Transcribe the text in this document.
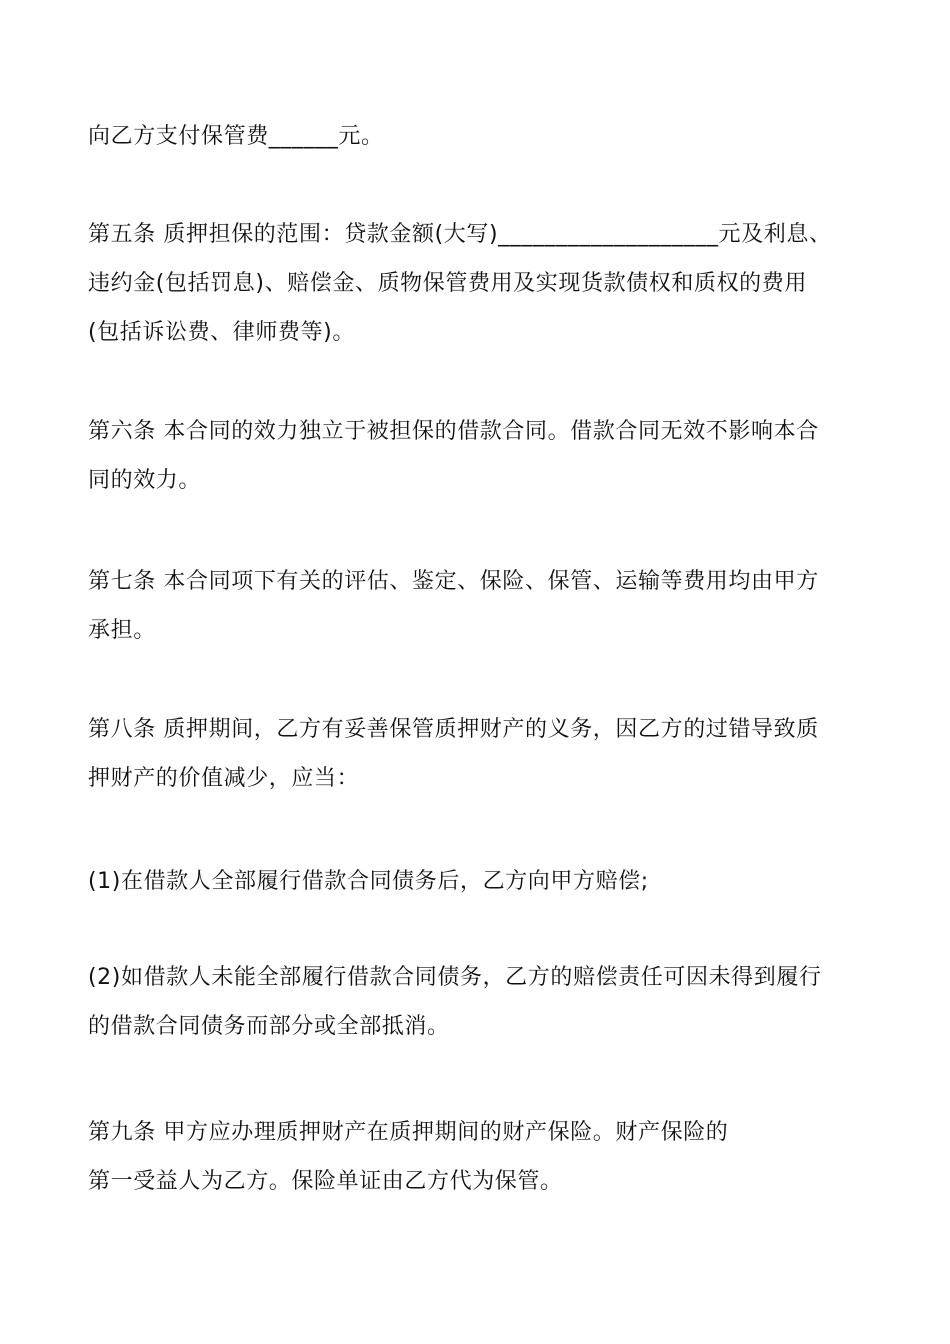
向乙方支付保管费______元。
第五条 质押担保的范围：贷款金额(大写)___________________元及利息、
违约金(包括罚息)、赔偿金、质物保管费用及实现货款债权和质权的费用
(包括诉讼费、律师费等)。
第六条 本合同的效力独立于被担保的借款合同。借款合同无效不影响本合
同的效力。
第七条 本合同项下有关的评估、鉴定、保险、保管、运输等费用均由甲方
承担。
第八条 质押期间，乙方有妥善保管质押财产的义务，因乙方的过错导致质
押财产的价值减少，应当：
(1)在借款人全部履行借款合同债务后，乙方向甲方赔偿;
(2)如借款人未能全部履行借款合同债务，乙方的赔偿责任可因未得到履行
的借款合同债务而部分或全部抵消。
第九条 甲方应办理质押财产在质押期间的财产保险。财产保险的
第一受益人为乙方。保险单证由乙方代为保管。
